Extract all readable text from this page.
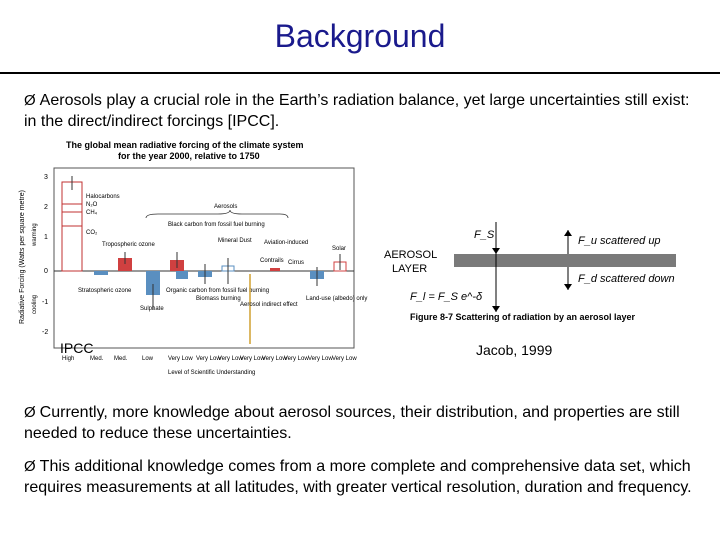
Background
Ø Aerosols play a crucial role in the Earth’s radiation balance, yet large uncertainties still exist: in the direct/indirect forcings [IPCC].
The global mean radiative forcing of the climate system
for the year 2000, relative to 1750
Radiative Forcing (Watts per square metre) warming
cooling
3
2
1
0
-1
-2
Halocarbons
N₂O
CH₄
CO₂
Stratospheric ozone
Tropospheric ozone
Aerosols
Sulphate
Black carbon from fossil fuel burning
Organic carbon from fossil fuel burning
Biomass burning
Mineral Dust
Aerosol indirect effect
Aviation-induced
Contrails Cirrus
Land-use (albedo) only
Solar
High	Med. Med. Low Very Low Very Low
Very Low
Very Low
Very Low
Very Low Very Low Very Low
Level of Scientific Understanding
IPCC
AEROSOL
LAYER
F_S	F_u scattered up
F_d scattered down
F_l = F_S e^-δ
Figure 8-7 Scattering of radiation by an aerosol layer
Jacob, 1999
Ø Currently, more knowledge about aerosol sources, their distribution, and properties are still needed to reduce these uncertainties.
Ø This additional knowledge comes from a more complete and comprehensive data set, which requires measurements at all latitudes, with greater vertical resolution, duration and frequency.
